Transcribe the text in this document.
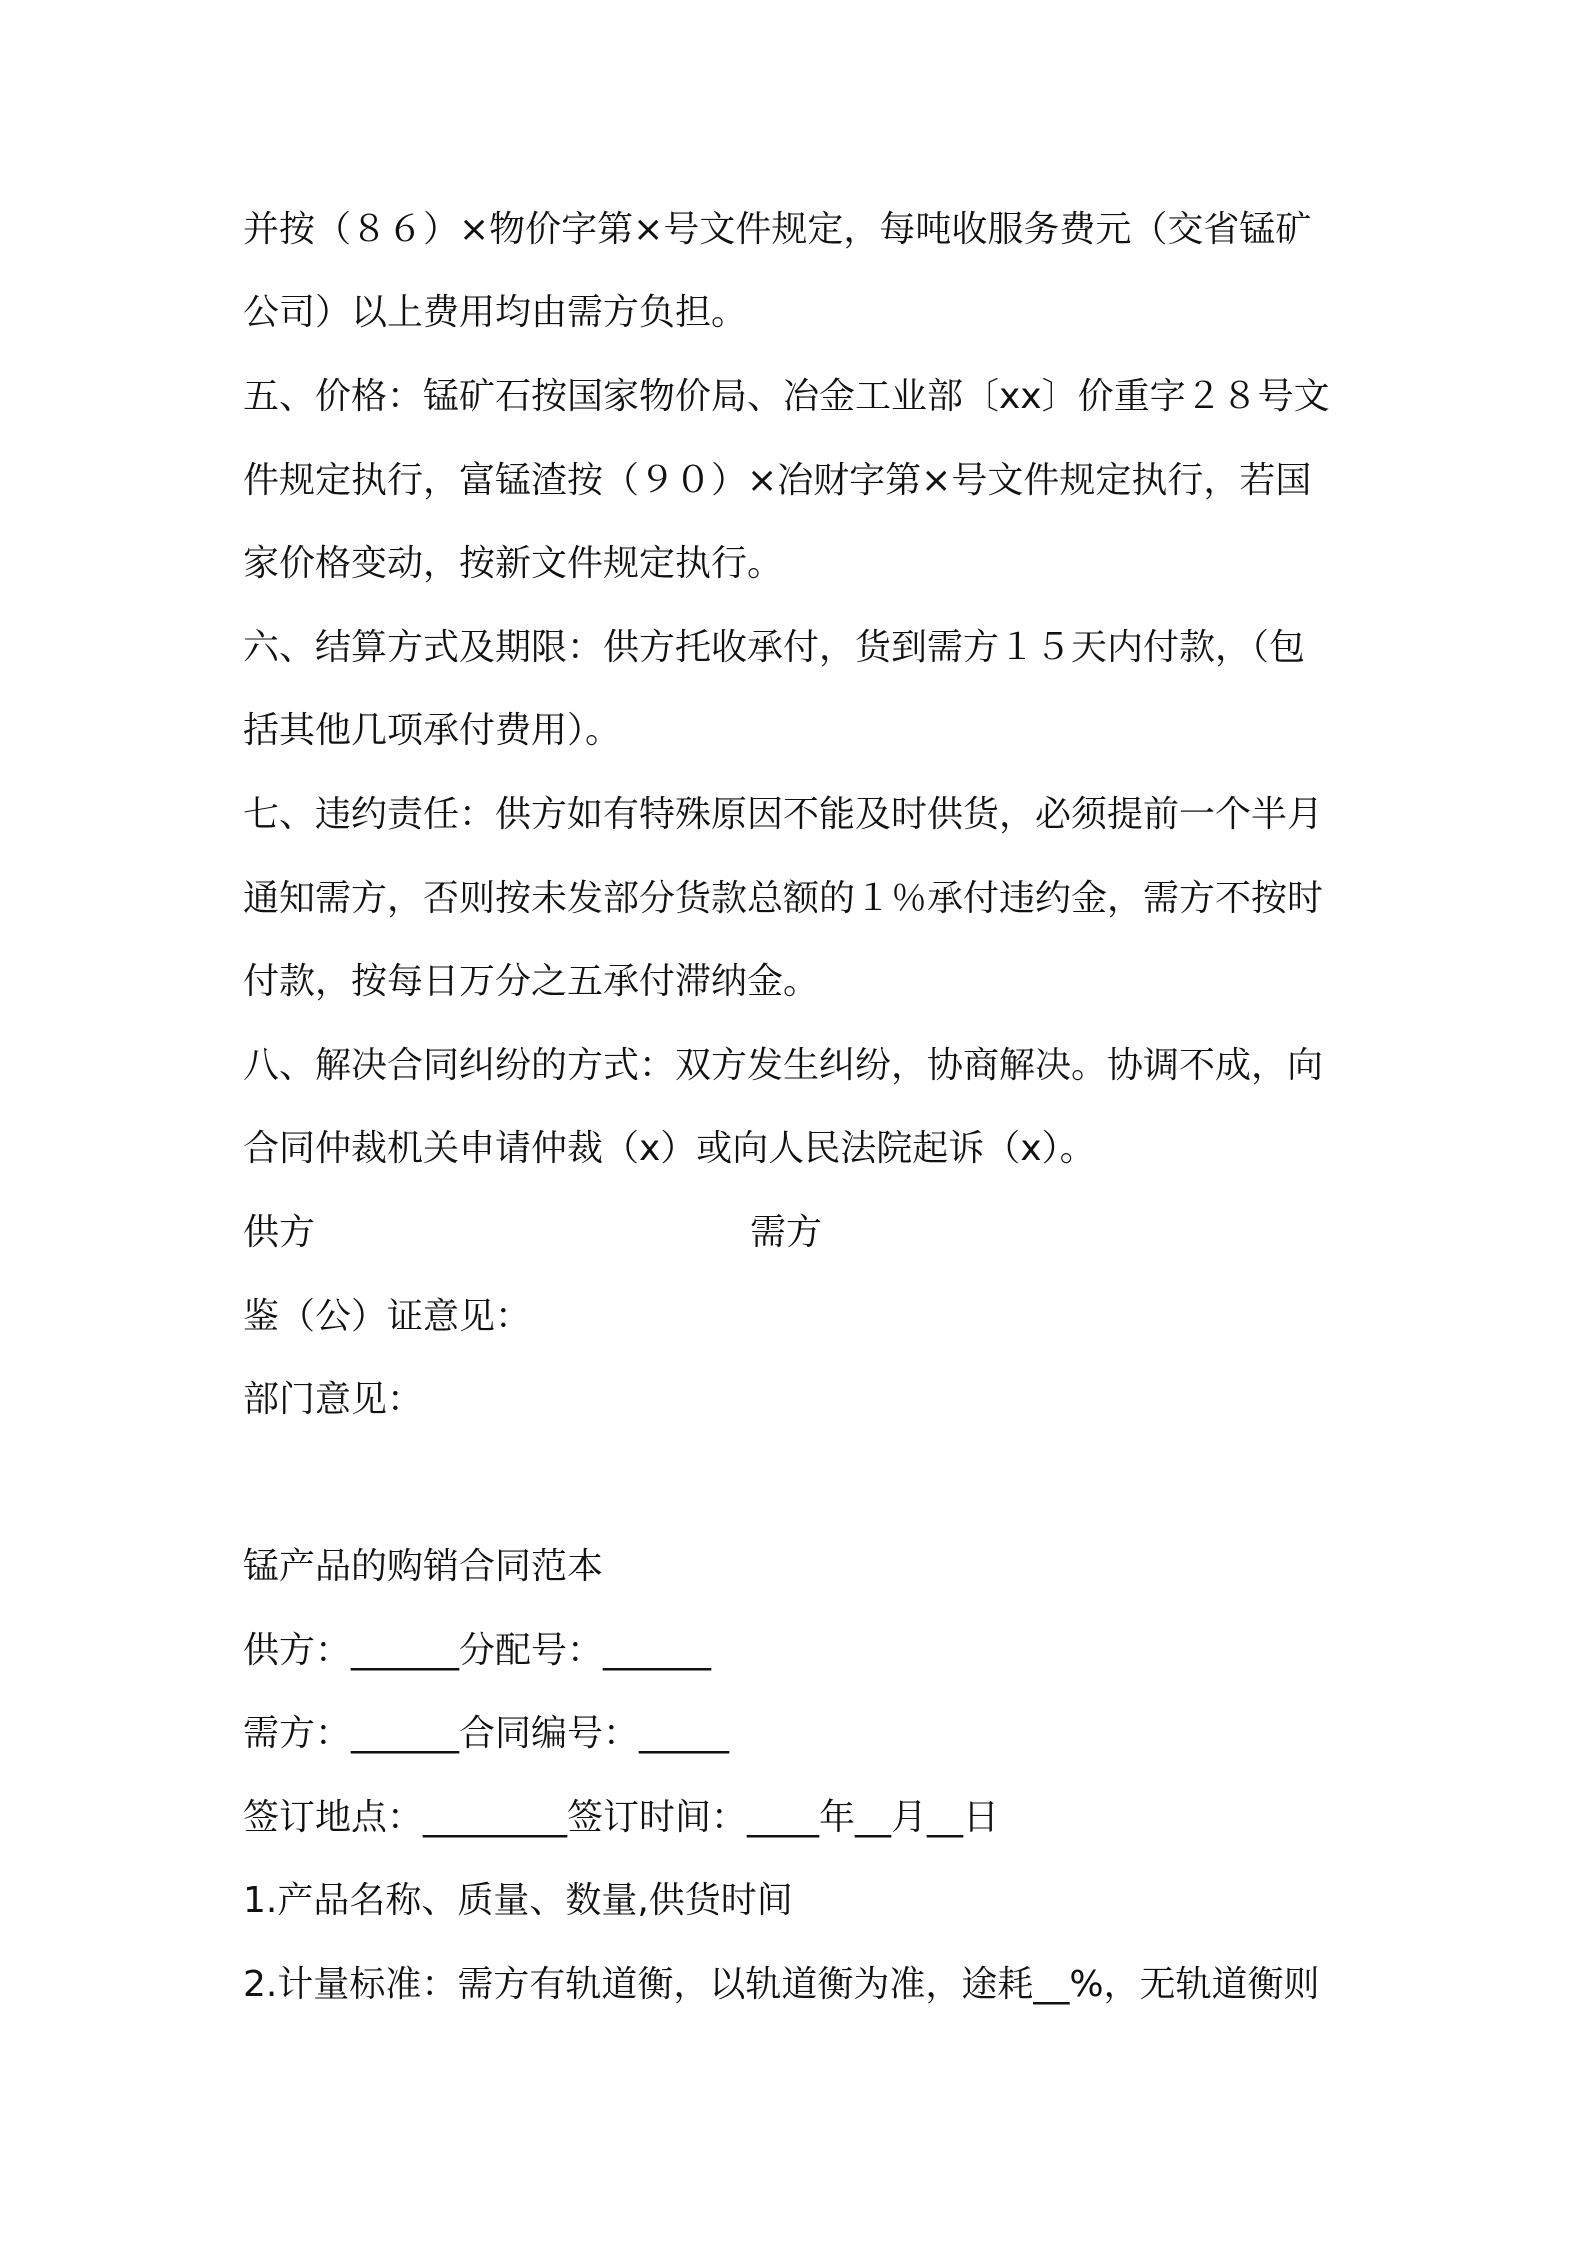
并按（８６）×物价字第×号文件规定，每吨收服务费元（交省锰矿
公司）以上费用均由需方负担。
五、价格：锰矿石按国家物价局、冶金工业部〔xx〕价重字２８号文
件规定执行，富锰渣按（９０）×冶财字第×号文件规定执行，若国
家价格变动，按新文件规定执行。
六、结算方式及期限：供方托收承付，货到需方１５天内付款，（包
括其他几项承付费用）。
七、违约责任：供方如有特殊原因不能及时供货，必须提前一个半月
通知需方，否则按未发部分货款总额的１％承付违约金，需方不按时
付款，按每日万分之五承付滞纳金。
八、解决合同纠纷的方式：双方发生纠纷，协商解决。协调不成，向
合同仲裁机关申请仲裁（x）或向人民法院起诉（x）。
供方	需方
鉴（公）证意见：
部门意见：
锰产品的购销合同范本
供方：______分配号：______
需方：______合同编号：_____
签订地点：________签订时间：____年__月__日
1.产品名称、质量、数量,供货时间
2.计量标准：需方有轨道衡，以轨道衡为准，途耗__%，无轨道衡则
